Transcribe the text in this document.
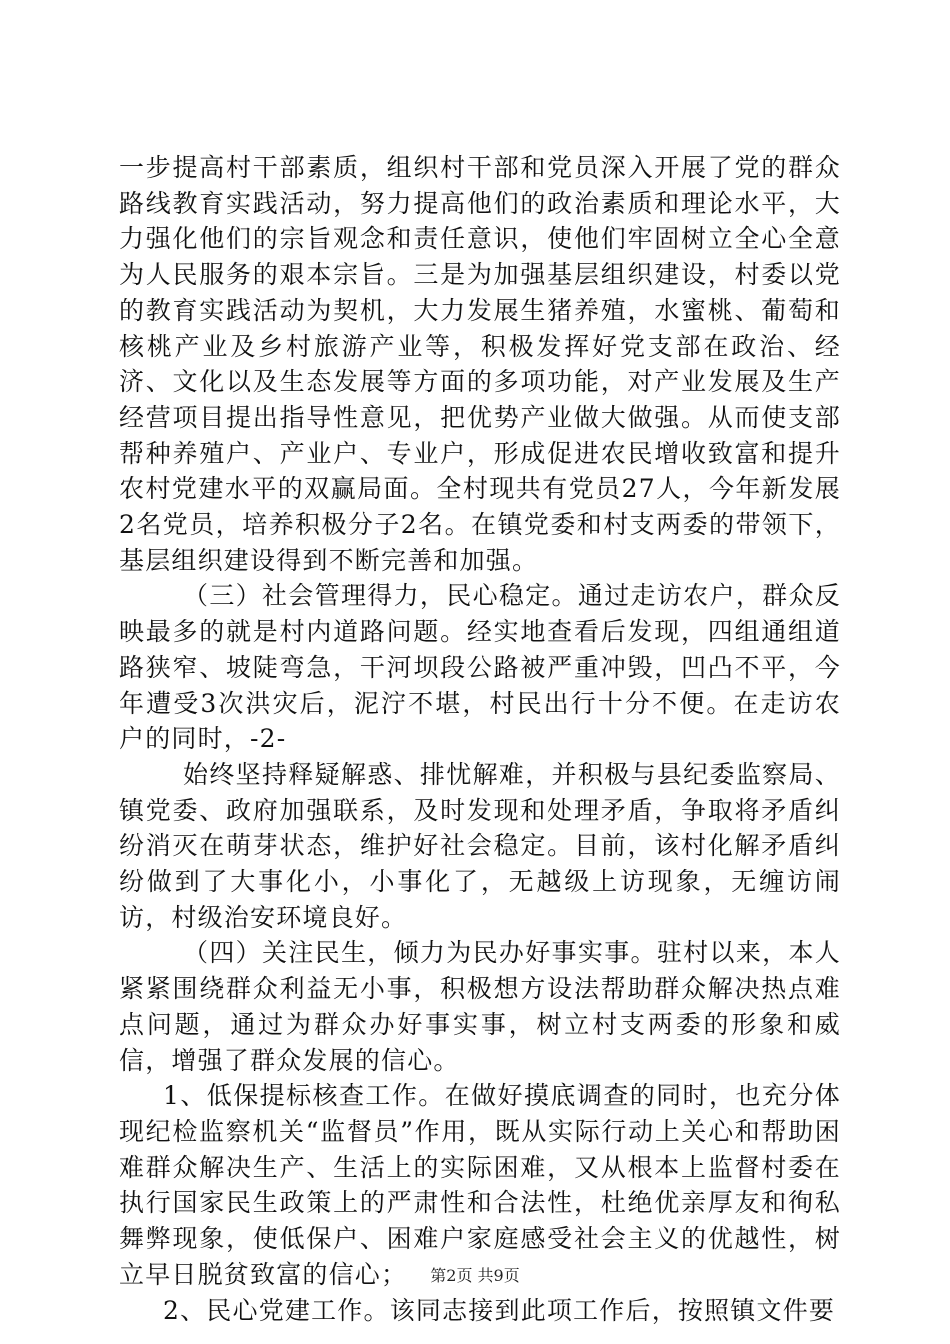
一步提高村干部素质，组织村干部和党员深入开展了党的群众路线教育实践活动，努力提高他们的政治素质和理论水平，大力强化他们的宗旨观念和责任意识，使他们牢固树立全心全意为人民服务的艰本宗旨。三是为加强基层组织建设，村委以党的教育实践活动为契机，大力发展生猪养殖，水蜜桃、葡萄和核桃产业及乡村旅游产业等，积极发挥好党支部在政治、经济、文化以及生态发展等方面的多项功能，对产业发展及生产经营项目提出指导性意见，把优势产业做大做强。从而使支部帮种养殖户、产业户、专业户，形成促进农民增收致富和提升农村党建水平的双赢局面。全村现共有党员27人，今年新发展2名党员，培养积极分子2名。在镇党委和村支两委的带领下，基层组织建设得到不断完善和加强。

（三）社会管理得力，民心稳定。通过走访农户，群众反映最多的就是村内道路问题。经实地查看后发现，四组通组道路狭窄、坡陡弯急，干河坝段公路被严重冲毁，凹凸不平，今年遭受3次洪灾后，泥泞不堪，村民出行十分不便。在走访农户的同时，-2-

始终坚持释疑解惑、排忧解难，并积极与县纪委监察局、镇党委、政府加强联系，及时发现和处理矛盾，争取将矛盾纠纷消灭在萌芽状态，维护好社会稳定。目前，该村化解矛盾纠纷做到了大事化小，小事化了，无越级上访现象，无缠访闹访，村级治安环境良好。

（四）关注民生，倾力为民办好事实事。驻村以来，本人紧紧围绕群众利益无小事，积极想方设法帮助群众解决热点难点问题，通过为群众办好事实事，树立村支两委的形象和威信，增强了群众发展的信心。

1、低保提标核查工作。在做好摸底调查的同时，也充分体现纪检监察机关“监督员”作用，既从实际行动上关心和帮助困难群众解决生产、生活上的实际困难，又从根本上监督村委在执行国家民生政策上的严肃性和合法性，杜绝优亲厚友和徇私舞弊现象，使低保户、困难户家庭感受社会主义的优越性，树立早日脱贫致富的信心；

2、民心党建工作。该同志接到此项工作后，按照镇文件要

第2页 共9页
